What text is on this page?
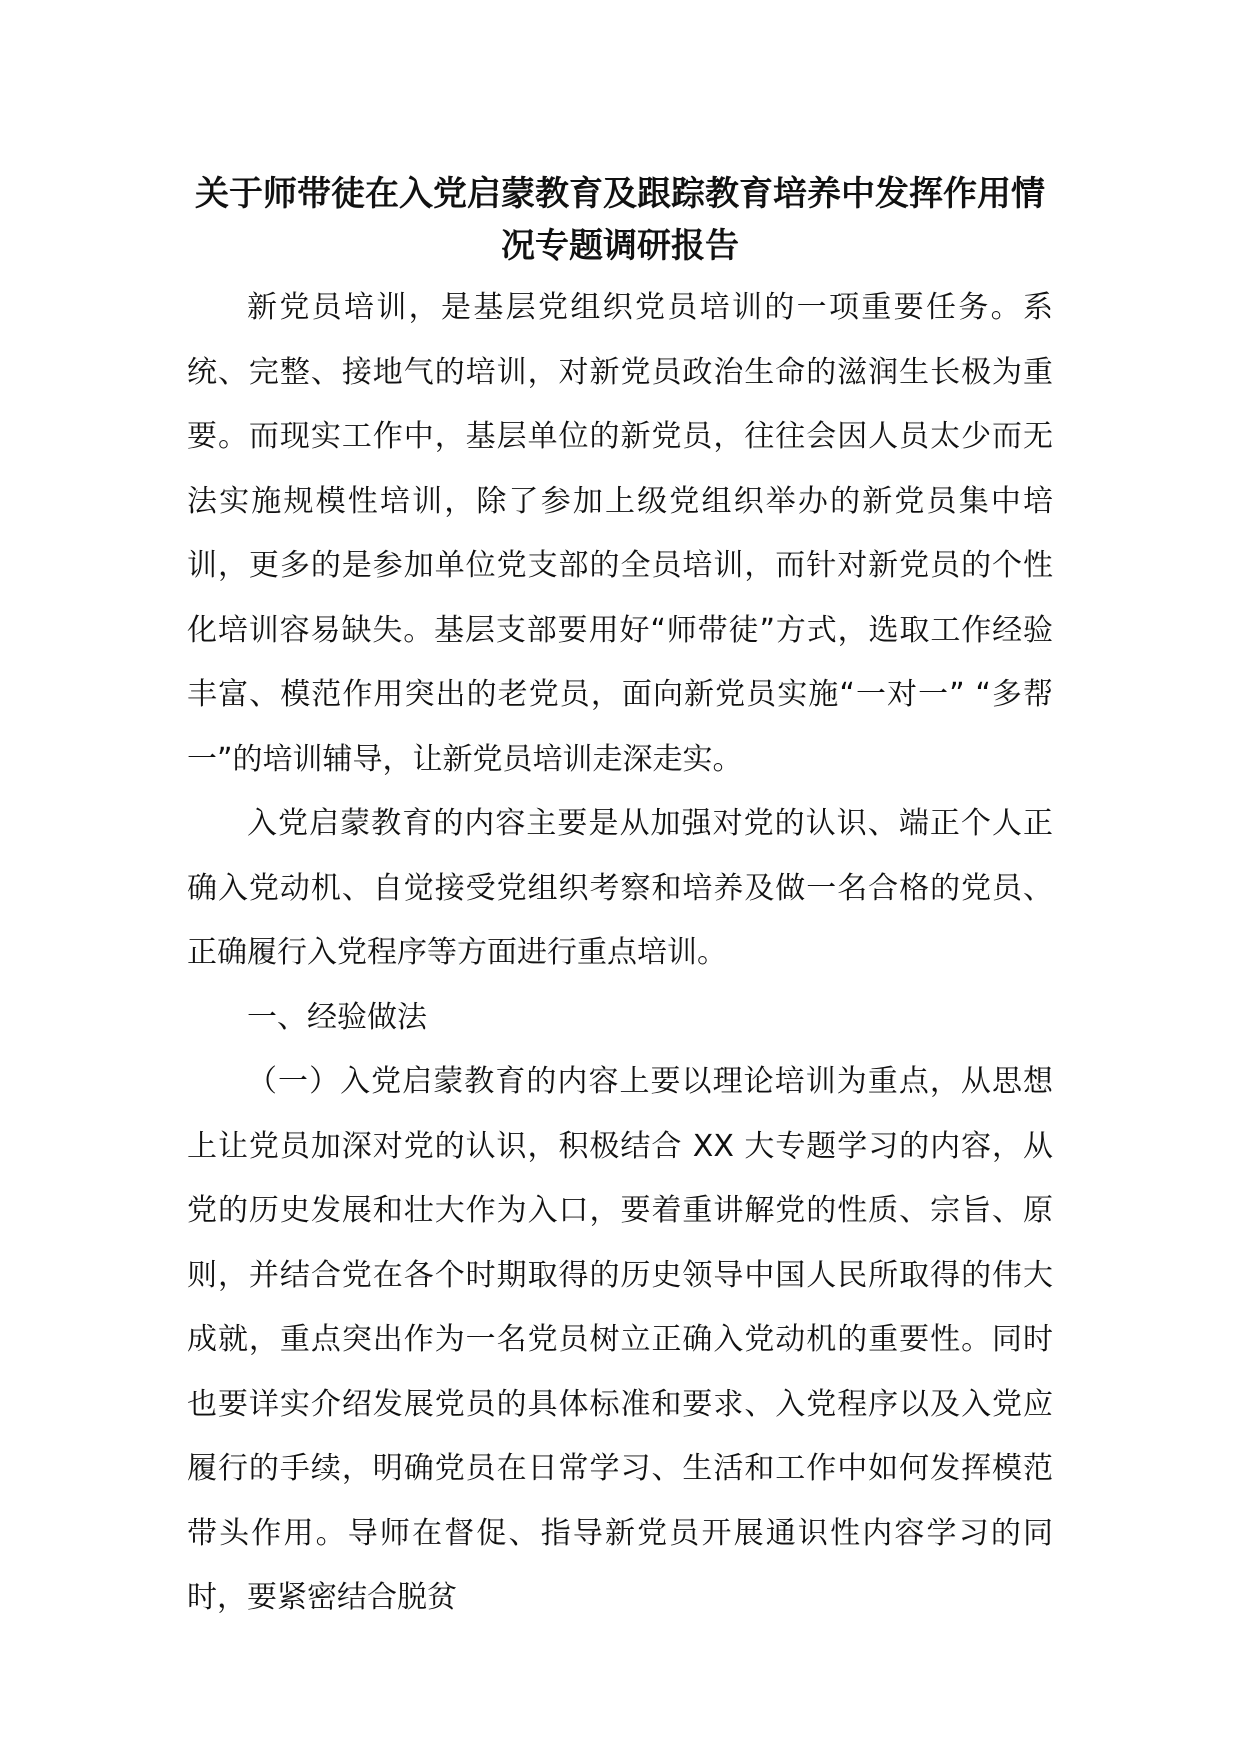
关于师带徒在入党启蒙教育及跟踪教育培养中发挥作用情
况专题调研报告

新党员培训，是基层党组织党员培训的一项重要任务。系统、完整、接地气的培训，对新党员政治生命的滋润生长极为重要。而现实工作中，基层单位的新党员，往往会因人员太少而无法实施规模性培训，除了参加上级党组织举办的新党员集中培训，更多的是参加单位党支部的全员培训，而针对新党员的个性化培训容易缺失。基层支部要用好“师带徒”方式，选取工作经验丰富、模范作用突出的老党员，面向新党员实施“一对一” “多帮一”的培训辅导，让新党员培训走深走实。

入党启蒙教育的内容主要是从加强对党的认识、端正个人正确入党动机、自觉接受党组织考察和培养及做一名合格的党员、正确履行入党程序等方面进行重点培训。

一、经验做法

（一）入党启蒙教育的内容上要以理论培训为重点，从思想上让党员加深对党的认识，积极结合 XX 大专题学习的内容，从党的历史发展和壮大作为入口，要着重讲解党的性质、宗旨、原则，并结合党在各个时期取得的历史领导中国人民所取得的伟大成就，重点突出作为一名党员树立正确入党动机的重要性。同时也要详实介绍发展党员的具体标准和要求、入党程序以及入党应履行的手续，明确党员在日常学习、生活和工作中如何发挥模范带头作用。导师在督促、指导新党员开展通识性内容学习的同时，要紧密结合脱贫
